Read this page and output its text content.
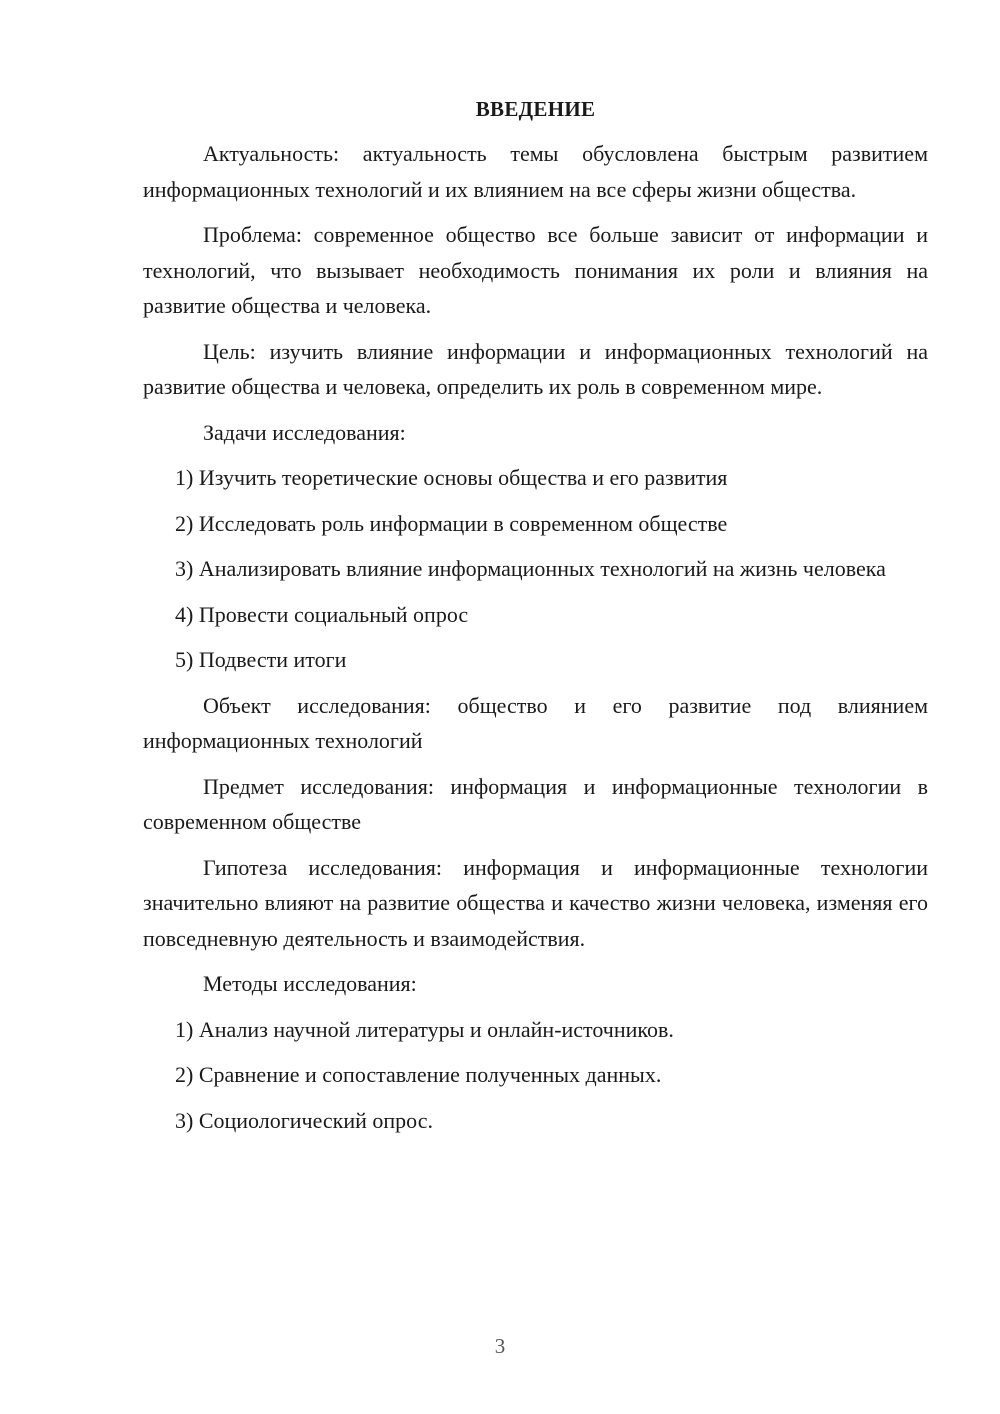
ВВЕДЕНИЕ

Актуальность: актуальность темы обусловлена быстрым развитием информационных технологий и их влиянием на все сферы жизни общества.

Проблема: современное общество все больше зависит от информации и технологий, что вызывает необходимость понимания их роли и влияния на развитие общества и человека.

Цель: изучить влияние информации и информационных технологий на развитие общества и человека, определить их роль в современном мире.

Задачи исследования:

1) Изучить теоретические основы общества и его развития

2) Исследовать роль информации в современном обществе

3) Анализировать влияние информационных технологий на жизнь человека

4) Провести социальный опрос

5) Подвести итоги

Объект исследования: общество и его развитие под влиянием информационных технологий

Предмет исследования: информация и информационные технологии в современном обществе

Гипотеза исследования: информация и информационные технологии значительно влияют на развитие общества и качество жизни человека, изменяя его повседневную деятельность и взаимодействия.

Методы исследования:

1) Анализ научной литературы и онлайн-источников.

2) Сравнение и сопоставление полученных данных.

3) Социологический опрос.

3
